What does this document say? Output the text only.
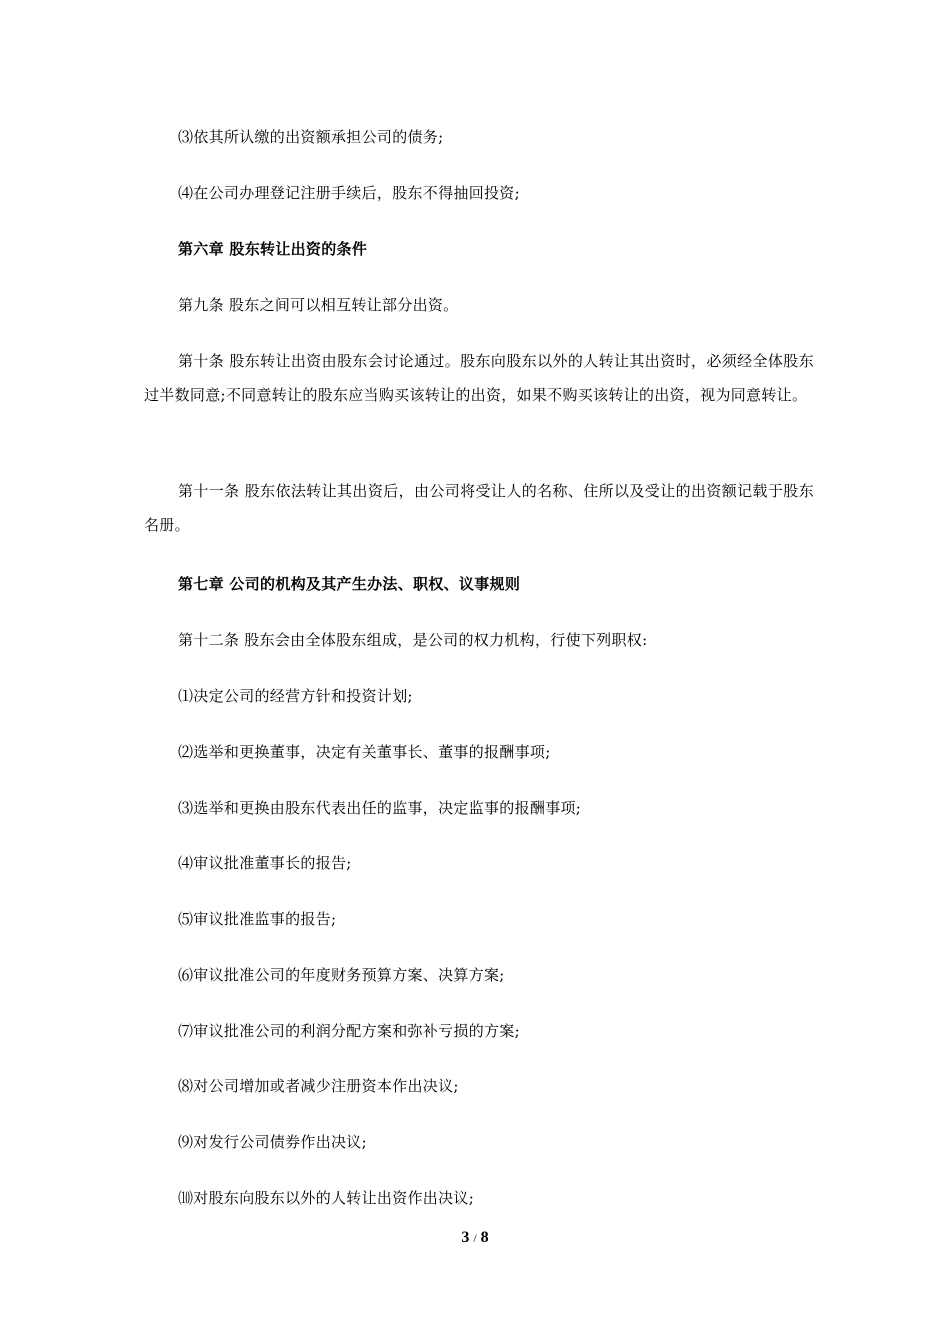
⑶依其所认缴的出资额承担公司的债务;
⑷在公司办理登记注册手续后，股东不得抽回投资;
第六章 股东转让出资的条件
第九条 股东之间可以相互转让部分出资。
第十条 股东转让出资由股东会讨论通过。股东向股东以外的人转让其出资时，必须经全体股东过半数同意;不同意转让的股东应当购买该转让的出资，如果不购买该转让的出资，视为同意转让。
第十一条 股东依法转让其出资后，由公司将受让人的名称、住所以及受让的出资额记载于股东名册。
第七章 公司的机构及其产生办法、职权、议事规则
第十二条 股东会由全体股东组成，是公司的权力机构，行使下列职权:
⑴决定公司的经营方针和投资计划;
⑵选举和更换董事，决定有关董事长、董事的报酬事项;
⑶选举和更换由股东代表出任的监事，决定监事的报酬事项;
⑷审议批准董事长的报告;
⑸审议批准监事的报告;
⑹审议批准公司的年度财务预算方案、决算方案;
⑺审议批准公司的利润分配方案和弥补亏损的方案;
⑻对公司增加或者减少注册资本作出决议;
⑼对发行公司债券作出决议;
⑽对股东向股东以外的人转让出资作出决议;
3 / 8
